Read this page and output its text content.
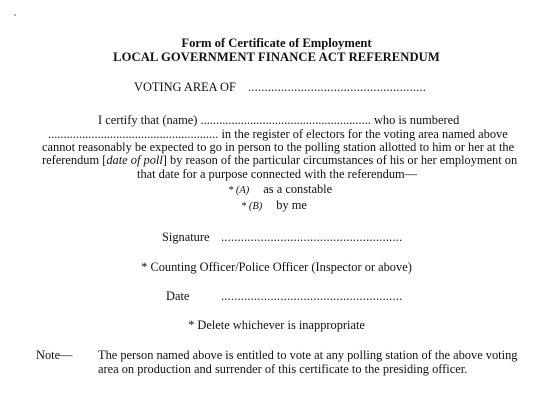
Form of Certificate of Employment
LOCAL GOVERNMENT FINANCE ACT REFERENDUM
VOTING AREA OF ......................................................
I certify that (name) ....................................................... who is numbered
....................................................... in the register of electors for the voting area named above
cannot reasonably be expected to go in person to the polling station allotted to him or her at the
referendum [date of poll] by reason of the particular circumstances of his or her employment on
that date for a purpose connected with the referendum—
* (A) as a constable
* (B) by me
Signature .......................................................
* Counting Officer/Police Officer (Inspector or above)
Date	.......................................................
* Delete whichever is inappropriate
Note— The person named above is entitled to vote at any polling station of the above voting
area on production and surrender of this certificate to the presiding officer.
